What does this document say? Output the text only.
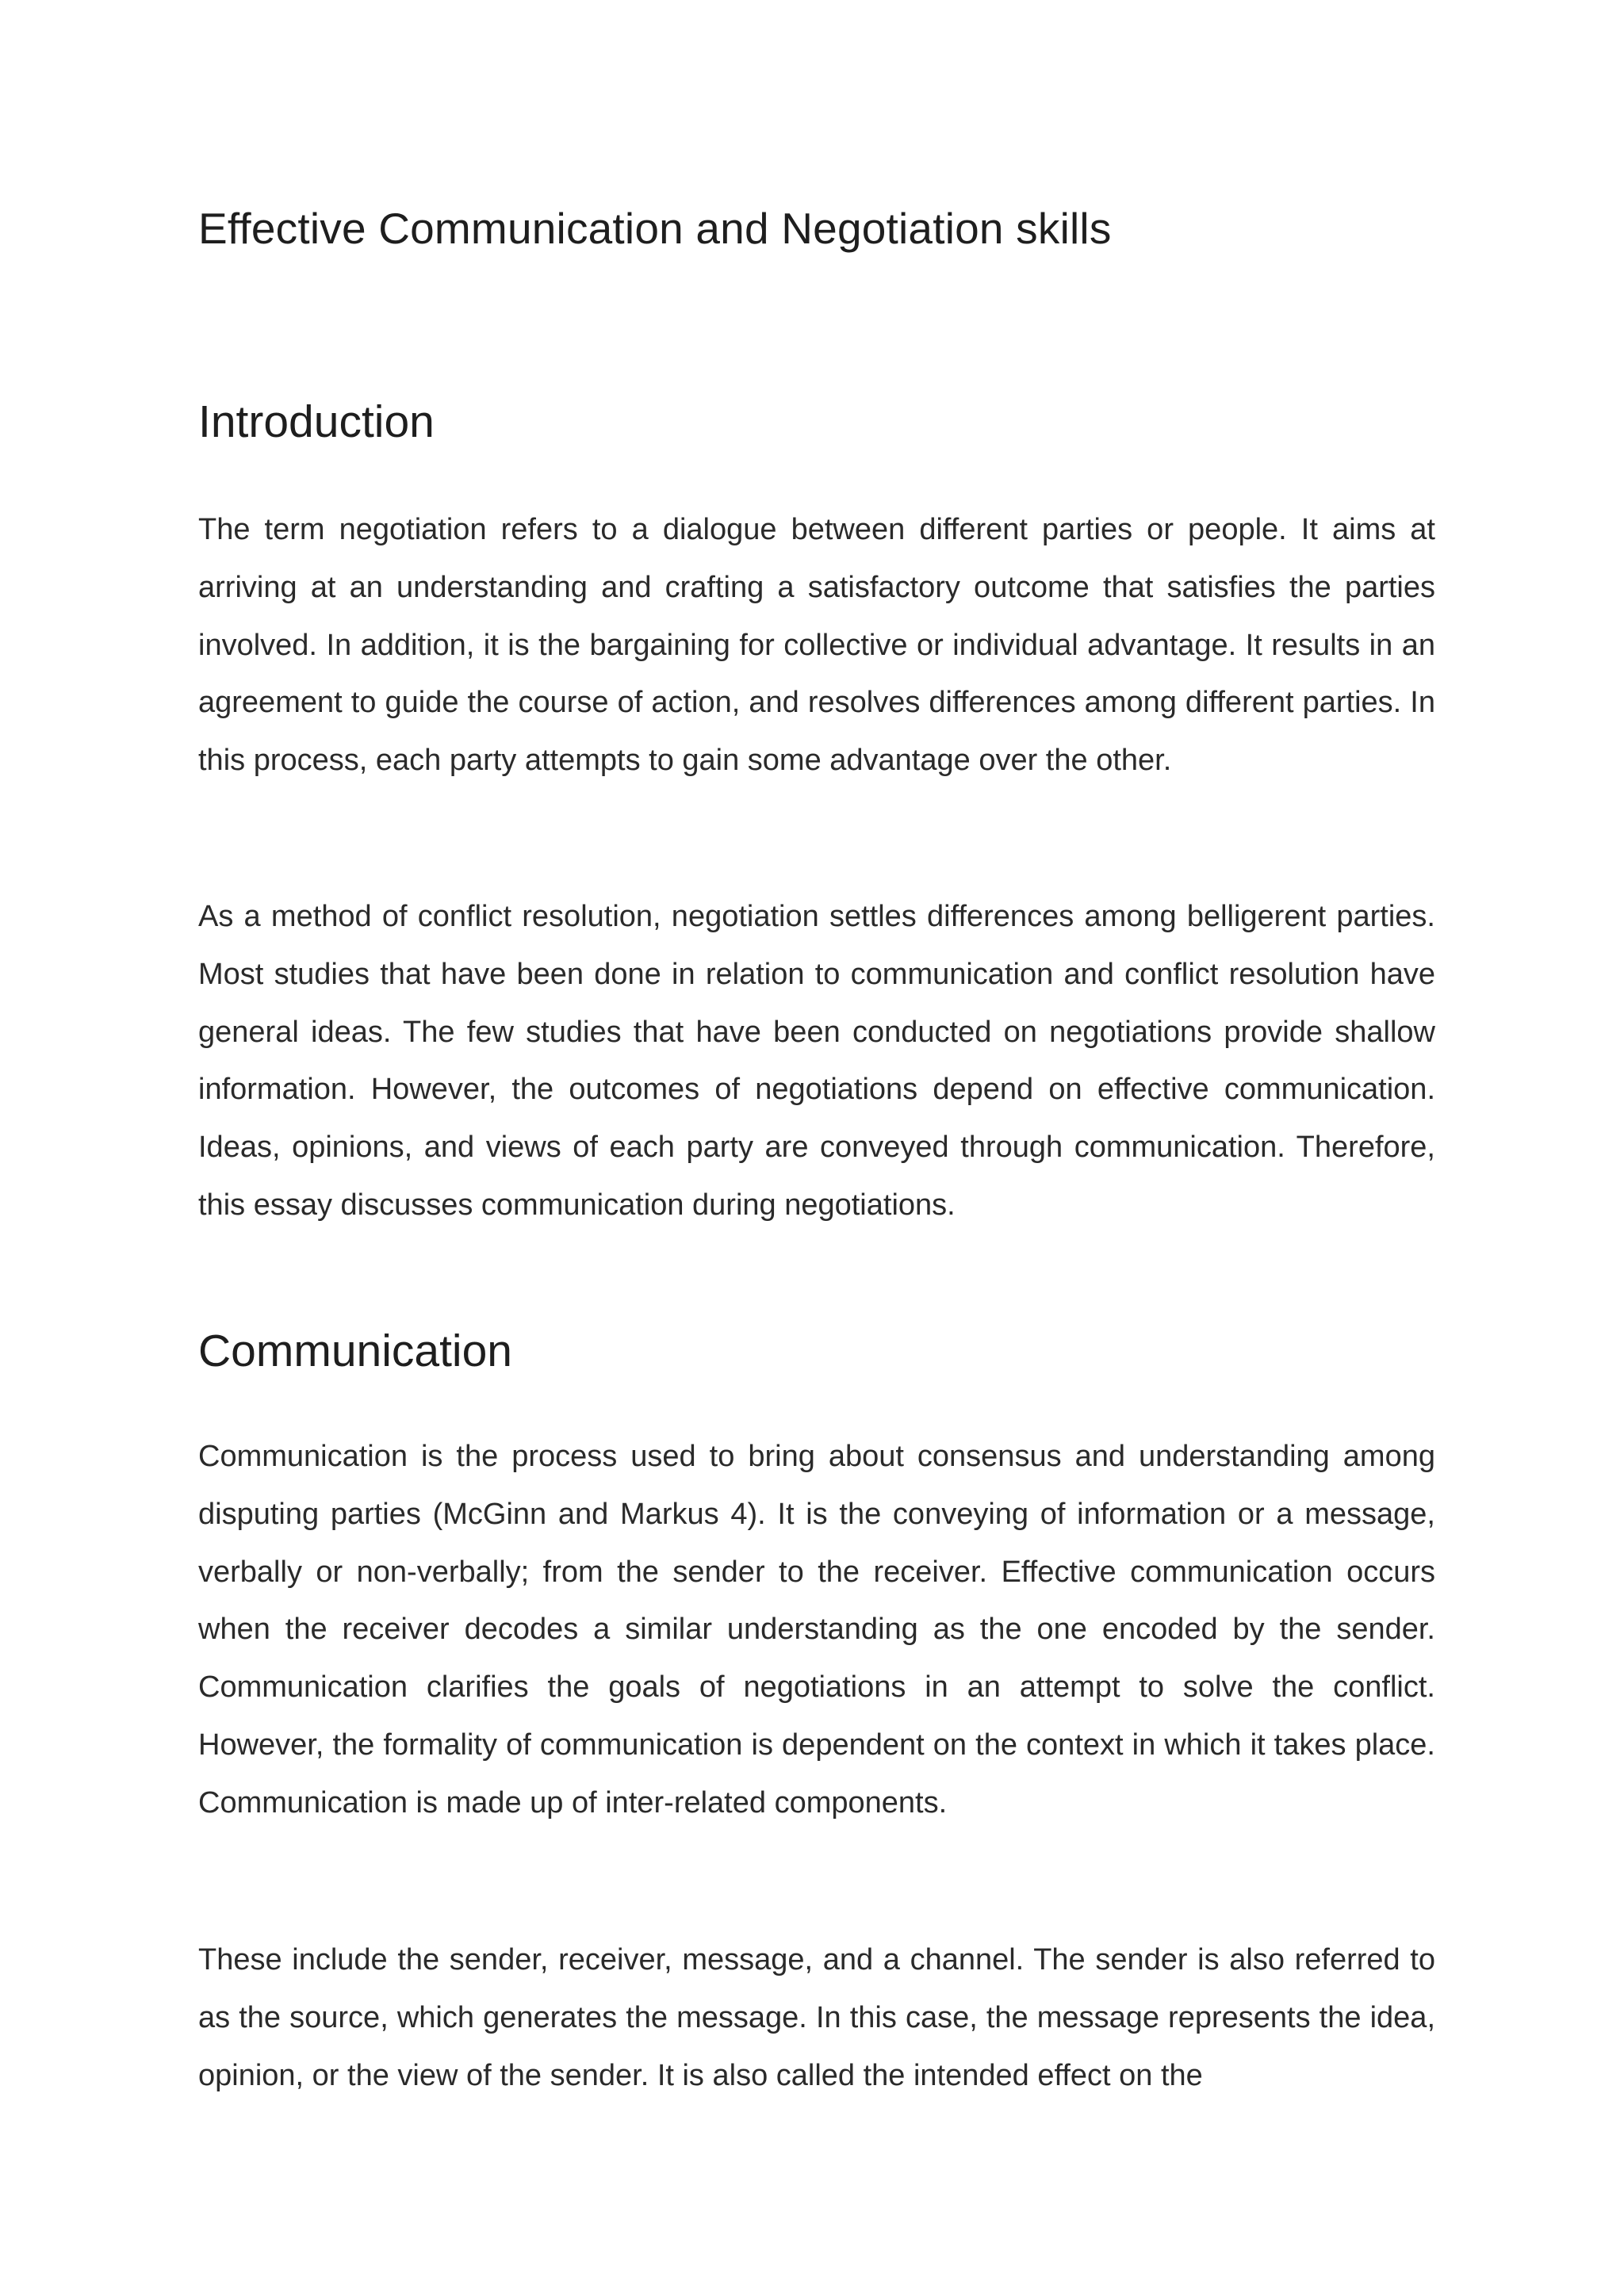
Effective Communication and Negotiation skills
Introduction

The term negotiation refers to a dialogue between different parties or people. It aims at arriving at an understanding and crafting a satisfactory outcome that satisfies the parties involved. In addition, it is the bargaining for collective or individual advantage. It results in an agreement to guide the course of action, and resolves differences among different parties. In this process, each party attempts to gain some advantage over the other.

As a method of conflict resolution, negotiation settles differences among belligerent parties. Most studies that have been done in relation to communication and conflict resolution have general ideas. The few studies that have been conducted on negotiations provide shallow information. However, the outcomes of negotiations depend on effective communication. Ideas, opinions, and views of each party are conveyed through communication. Therefore, this essay discusses communication during negotiations.

Communication

Communication is the process used to bring about consensus and understanding among disputing parties (McGinn and Markus 4). It is the conveying of information or a message, verbally or non-verbally; from the sender to the receiver. Effective communication occurs when the receiver decodes a similar understanding as the one encoded by the sender. Communication clarifies the goals of negotiations in an attempt to solve the conflict. However, the formality of communication is dependent on the context in which it takes place. Communication is made up of inter-related components.

These include the sender, receiver, message, and a channel. The sender is also referred to as the source, which generates the message. In this case, the message represents the idea, opinion, or the view of the sender. It is also called the intended effect on the
